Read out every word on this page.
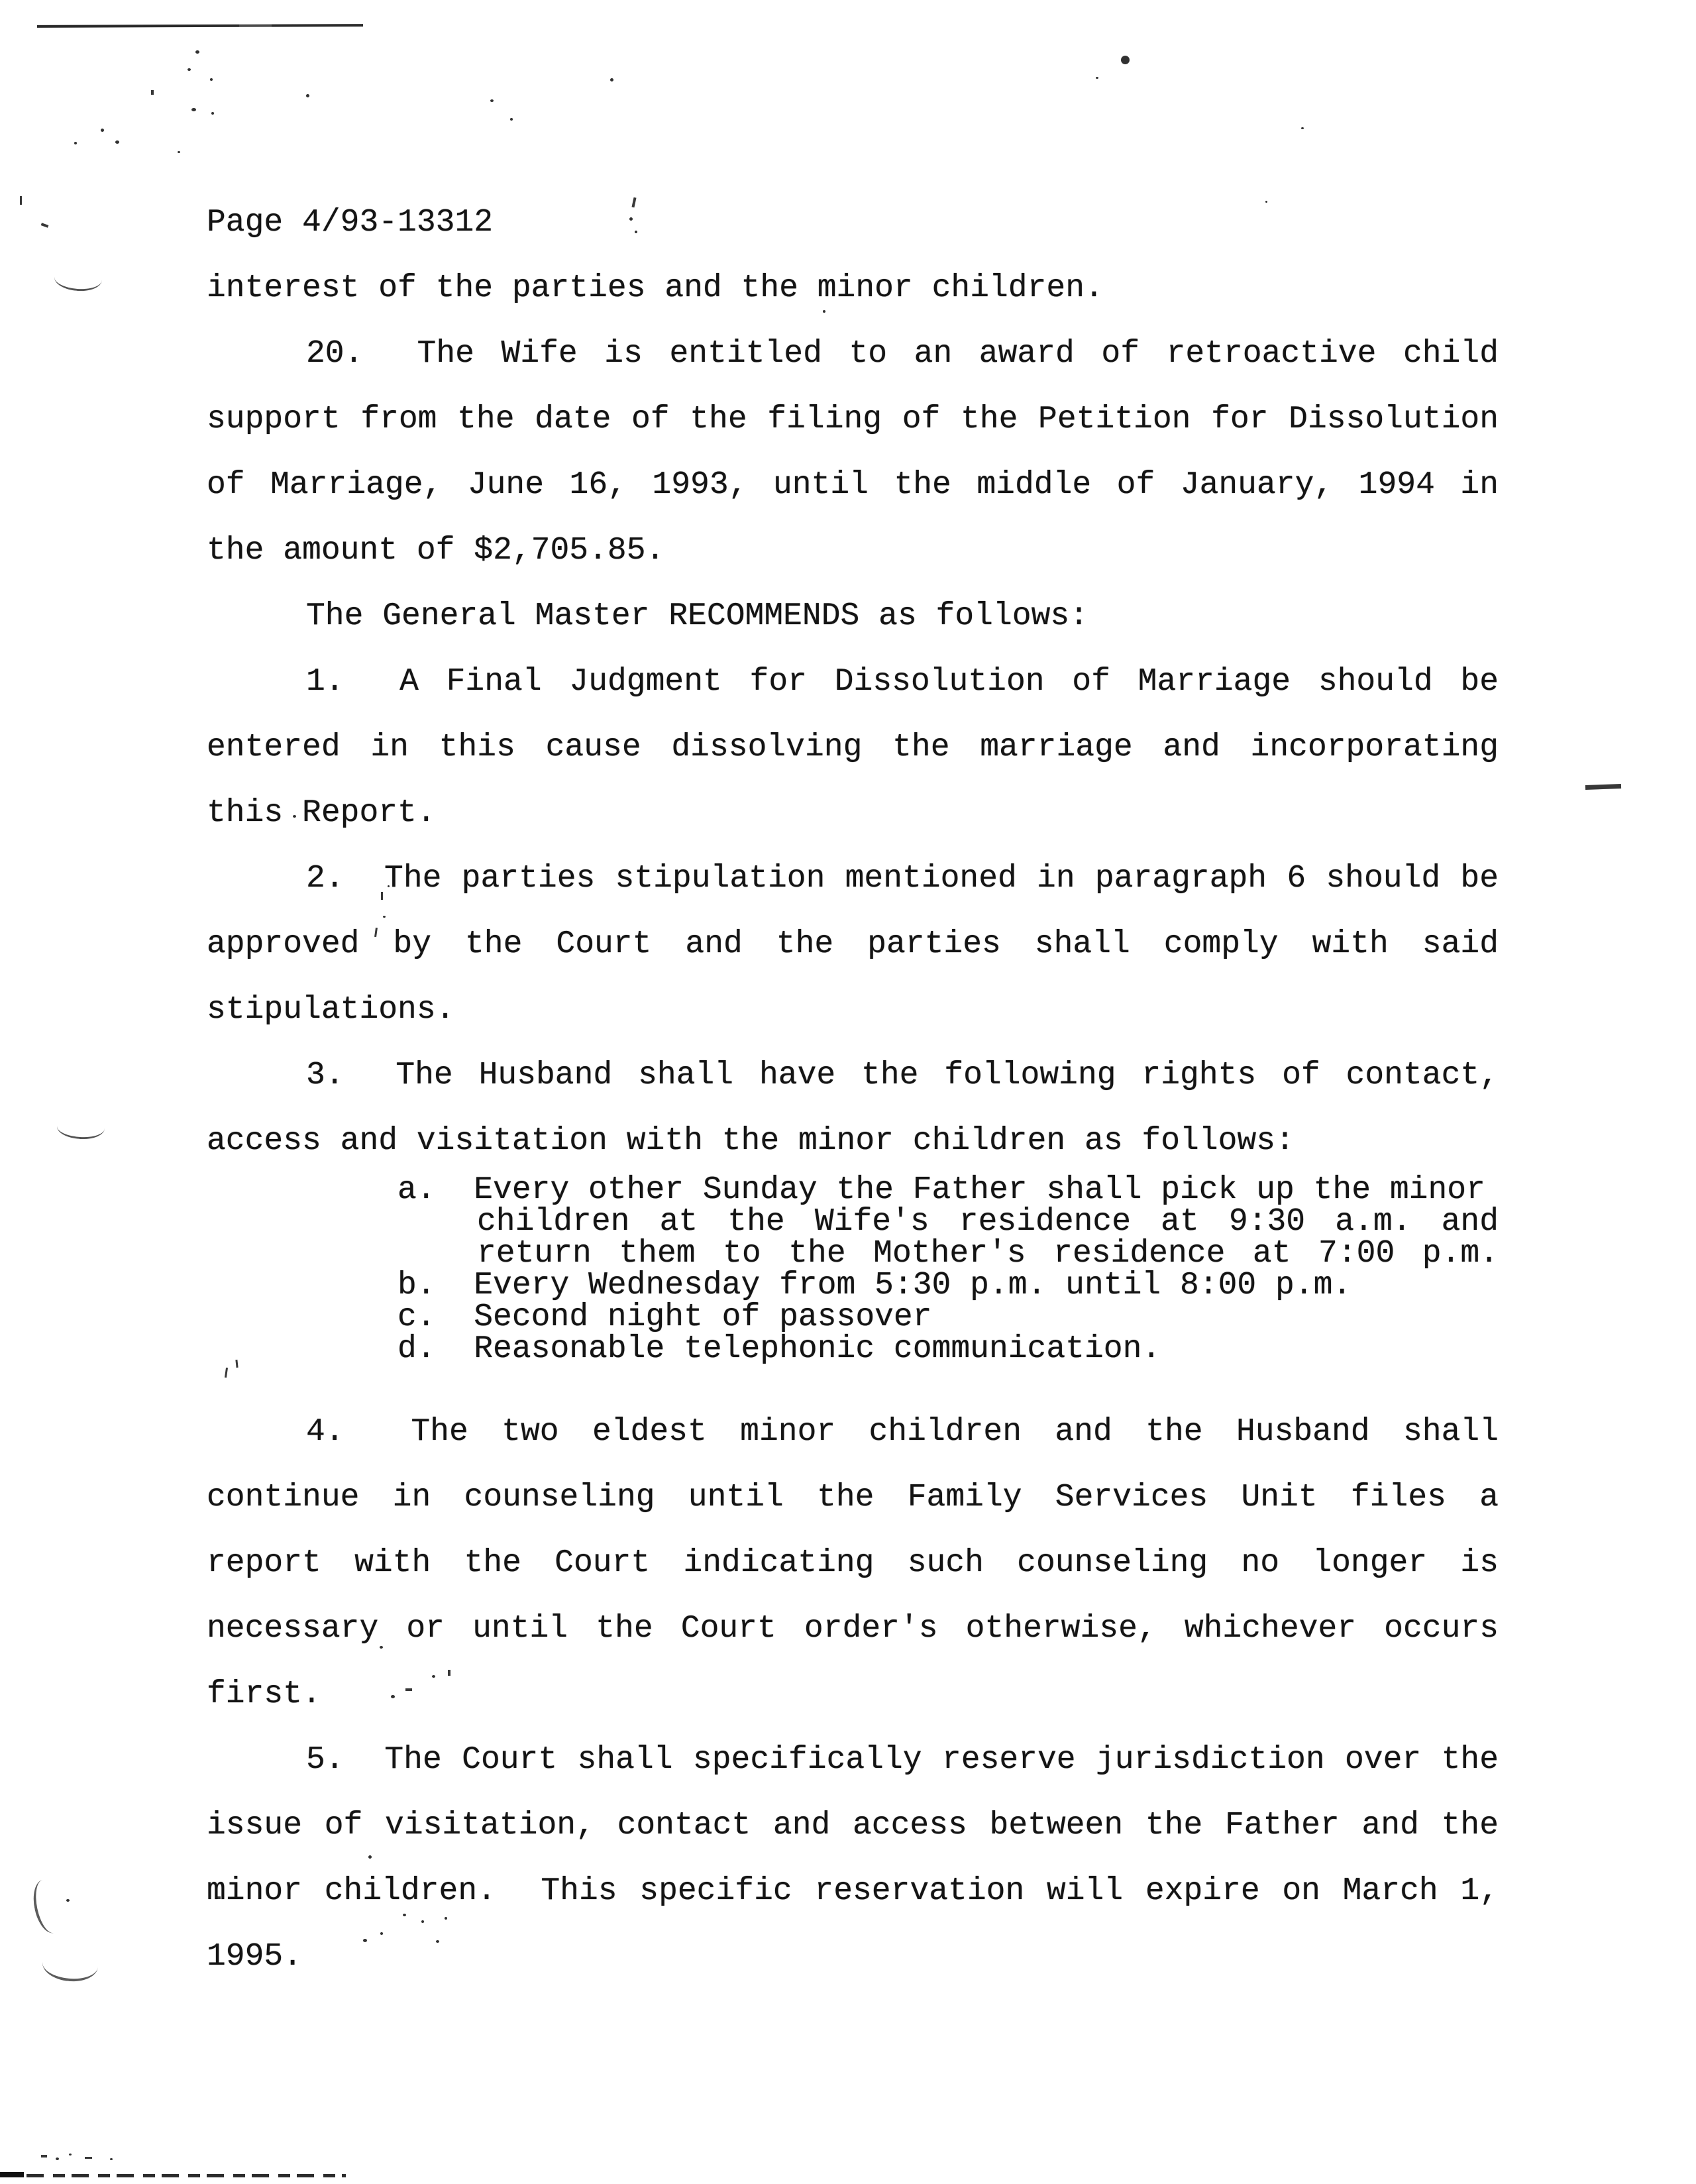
Page 4/93-13312
interest of the parties and the minor children.
20.  The Wife is entitled to an award of retroactive child
support from the date of the filing of the Petition for Dissolution
of Marriage, June 16, 1993, until the middle of January, 1994 in
the amount of $2,705.85.
The General Master RECOMMENDS as follows:
1.  A Final Judgment for Dissolution of Marriage should be
entered in this cause dissolving the marriage and incorporating
this Report.
2.  The parties stipulation mentioned in paragraph 6 should be
approved by the Court and the parties shall comply with said
stipulations.
3.  The Husband shall have the following rights of contact,
access and visitation with the minor children as follows:
a.  Every other Sunday the Father shall pick up the minor
children at the Wife's residence at 9:30 a.m. and
return them to the Mother's residence at 7:00 p.m.
b.  Every Wednesday from 5:30 p.m. until 8:00 p.m.
c.  Second night of passover
d.  Reasonable telephonic communication.
4.  The two eldest minor children and the Husband shall
continue in counseling until the Family Services Unit files a
report with the Court indicating such counseling no longer is
necessary or until the Court order's otherwise, whichever occurs
first.
5.  The Court shall specifically reserve jurisdiction over the
issue of visitation, contact and access between the Father and the
minor children.  This specific reservation will expire on March 1,
1995.
